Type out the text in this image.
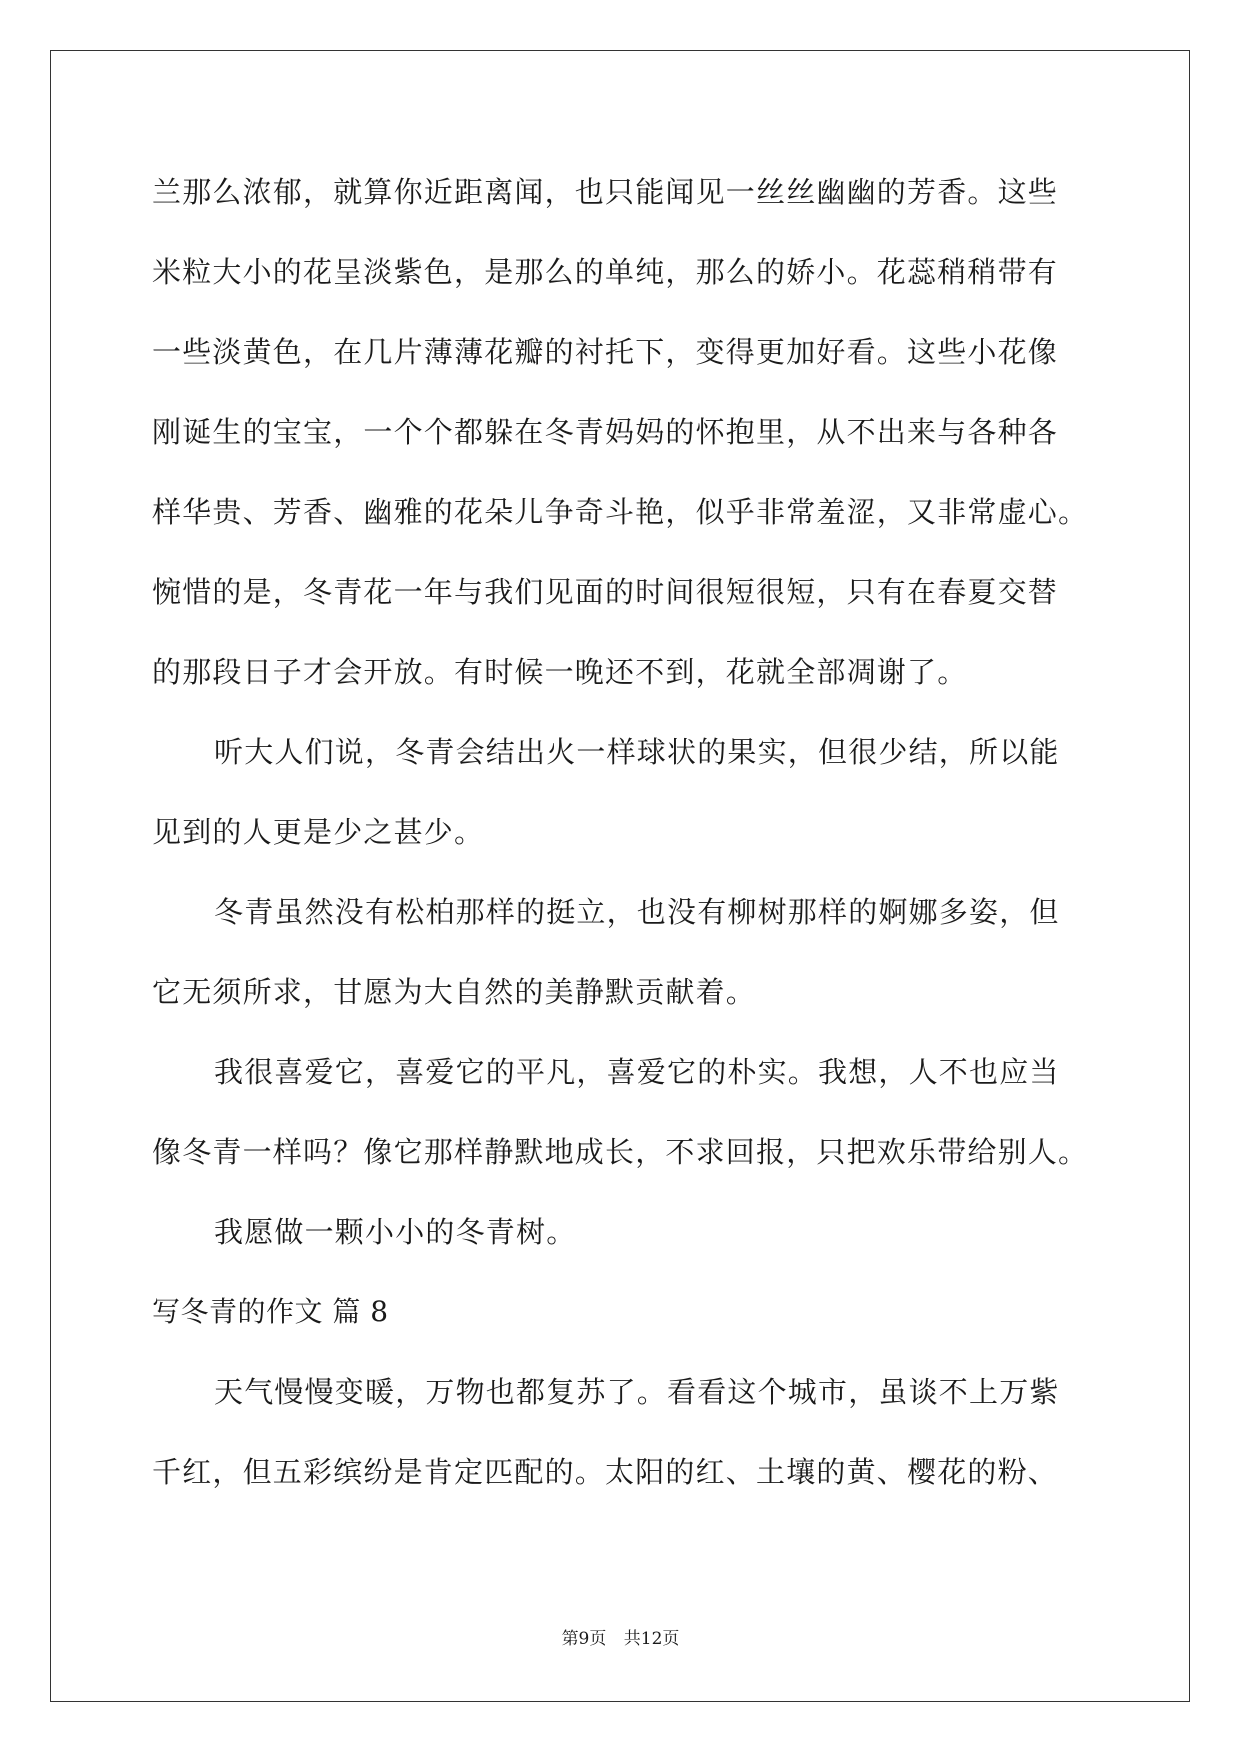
兰那么浓郁，就算你近距离闻，也只能闻见一丝丝幽幽的芳香。这些
米粒大小的花呈淡紫色，是那么的单纯，那么的娇小。花蕊稍稍带有
一些淡黄色，在几片薄薄花瓣的衬托下，变得更加好看。这些小花像
刚诞生的宝宝，一个个都躲在冬青妈妈的怀抱里，从不出来与各种各
样华贵、芳香、幽雅的花朵儿争奇斗艳，似乎非常羞涩，又非常虚心。
惋惜的是，冬青花一年与我们见面的时间很短很短，只有在春夏交替
的那段日子才会开放。有时候一晚还不到，花就全部凋谢了。
听大人们说，冬青会结出火一样球状的果实，但很少结，所以能
见到的人更是少之甚少。
冬青虽然没有松柏那样的挺立，也没有柳树那样的婀娜多姿，但
它无须所求，甘愿为大自然的美静默贡献着。
我很喜爱它，喜爱它的平凡，喜爱它的朴实。我想，人不也应当
像冬青一样吗？像它那样静默地成长，不求回报，只把欢乐带给别人。
我愿做一颗小小的冬青树。
写冬青的作文 篇 8
天气慢慢变暖，万物也都复苏了。看看这个城市，虽谈不上万紫
千红，但五彩缤纷是肯定匹配的。太阳的红、土壤的黄、樱花的粉、
第9页 共12页
